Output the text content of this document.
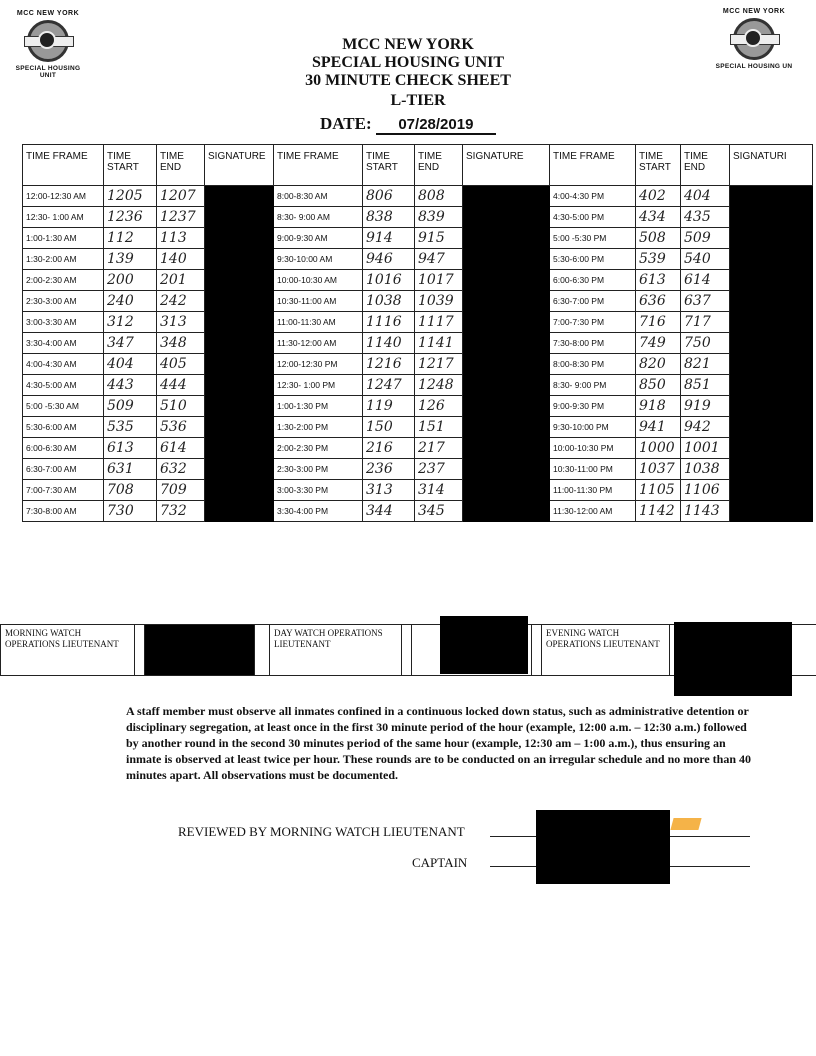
MCC NEW YORK
SPECIAL HOUSING UNIT
MCC NEW YORK
SPECIAL HOUSING UN
MCC NEW YORK
SPECIAL HOUSING UNIT
30 MINUTE CHECK SHEET
L-TIER
DATE: 07/28/2019
TIME FRAME	TIME START	TIME END	SIGNATURE	TIME FRAME	TIME START	TIME END	SIGNATURE	TIME FRAME	TIME START	TIME END	SIGNATURI
12:00-12:30 AM	1205	1207		8:00-8:30 AM	806	808		4:00-4:30 PM	402	404	
12:30- 1:00 AM	1236	1237		8:30- 9:00 AM	838	839		4:30-5:00 PM	434	435	
1:00-1:30 AM	112	113		9:00-9:30 AM	914	915		5:00 -5:30 PM	508	509	
1:30-2:00 AM	139	140		9:30-10:00 AM	946	947		5:30-6:00 PM	539	540	
2:00-2:30 AM	200	201		10:00-10:30 AM	1016	1017		6:00-6:30 PM	613	614	
2:30-3:00 AM	240	242		10:30-11:00 AM	1038	1039		6:30-7:00 PM	636	637	
3:00-3:30 AM	312	313		11:00-11:30 AM	1116	1117		7:00-7:30 PM	716	717	
3:30-4:00 AM	347	348		11:30-12:00 AM	1140	1141		7:30-8:00 PM	749	750	
4:00-4:30 AM	404	405		12:00-12:30 PM	1216	1217		8:00-8:30 PM	820	821	
4:30-5:00 AM	443	444		12:30- 1:00 PM	1247	1248		8:30- 9:00 PM	850	851	
5:00 -5:30 AM	509	510		1:00-1:30 PM	119	126		9:00-9:30 PM	918	919	
5:30-6:00 AM	535	536		1:30-2:00 PM	150	151		9:30-10:00 PM	941	942	
6:00-6:30 AM	613	614		2:00-2:30 PM	216	217		10:00-10:30 PM	1000	1001	
6:30-7:00 AM	631	632		2:30-3:00 PM	236	237		10:30-11:00 PM	1037	1038	
7:00-7:30 AM	708	709		3:00-3:30 PM	313	314		11:00-11:30 PM	1105	1106	
7:30-8:00 AM	730	732		3:30-4:00 PM	344	345		11:30-12:00 AM	1142	1143	
MORNING WATCH OPERATIONS LIEUTENANT				DAY WATCH OPERATIONS LIEUTENANT				EVENING WATCH OPERATIONS LIEUTENANT		
A staff member must observe all inmates confined in a continuous locked down status, such as administrative detention or disciplinary segregation, at least once in the first 30 minute period of the hour (example, 12:00 a.m. – 12:30 a.m.) followed by another round in the second 30 minutes period of the same hour (example, 12:30 am – 1:00 a.m.), thus ensuring an inmate is observed at least twice per hour. These rounds are to be conducted on an irregular schedule and no more than 40 minutes apart. All observations must be documented.
REVIEWED BY MORNING WATCH LIEUTENANT
CAPTAIN
